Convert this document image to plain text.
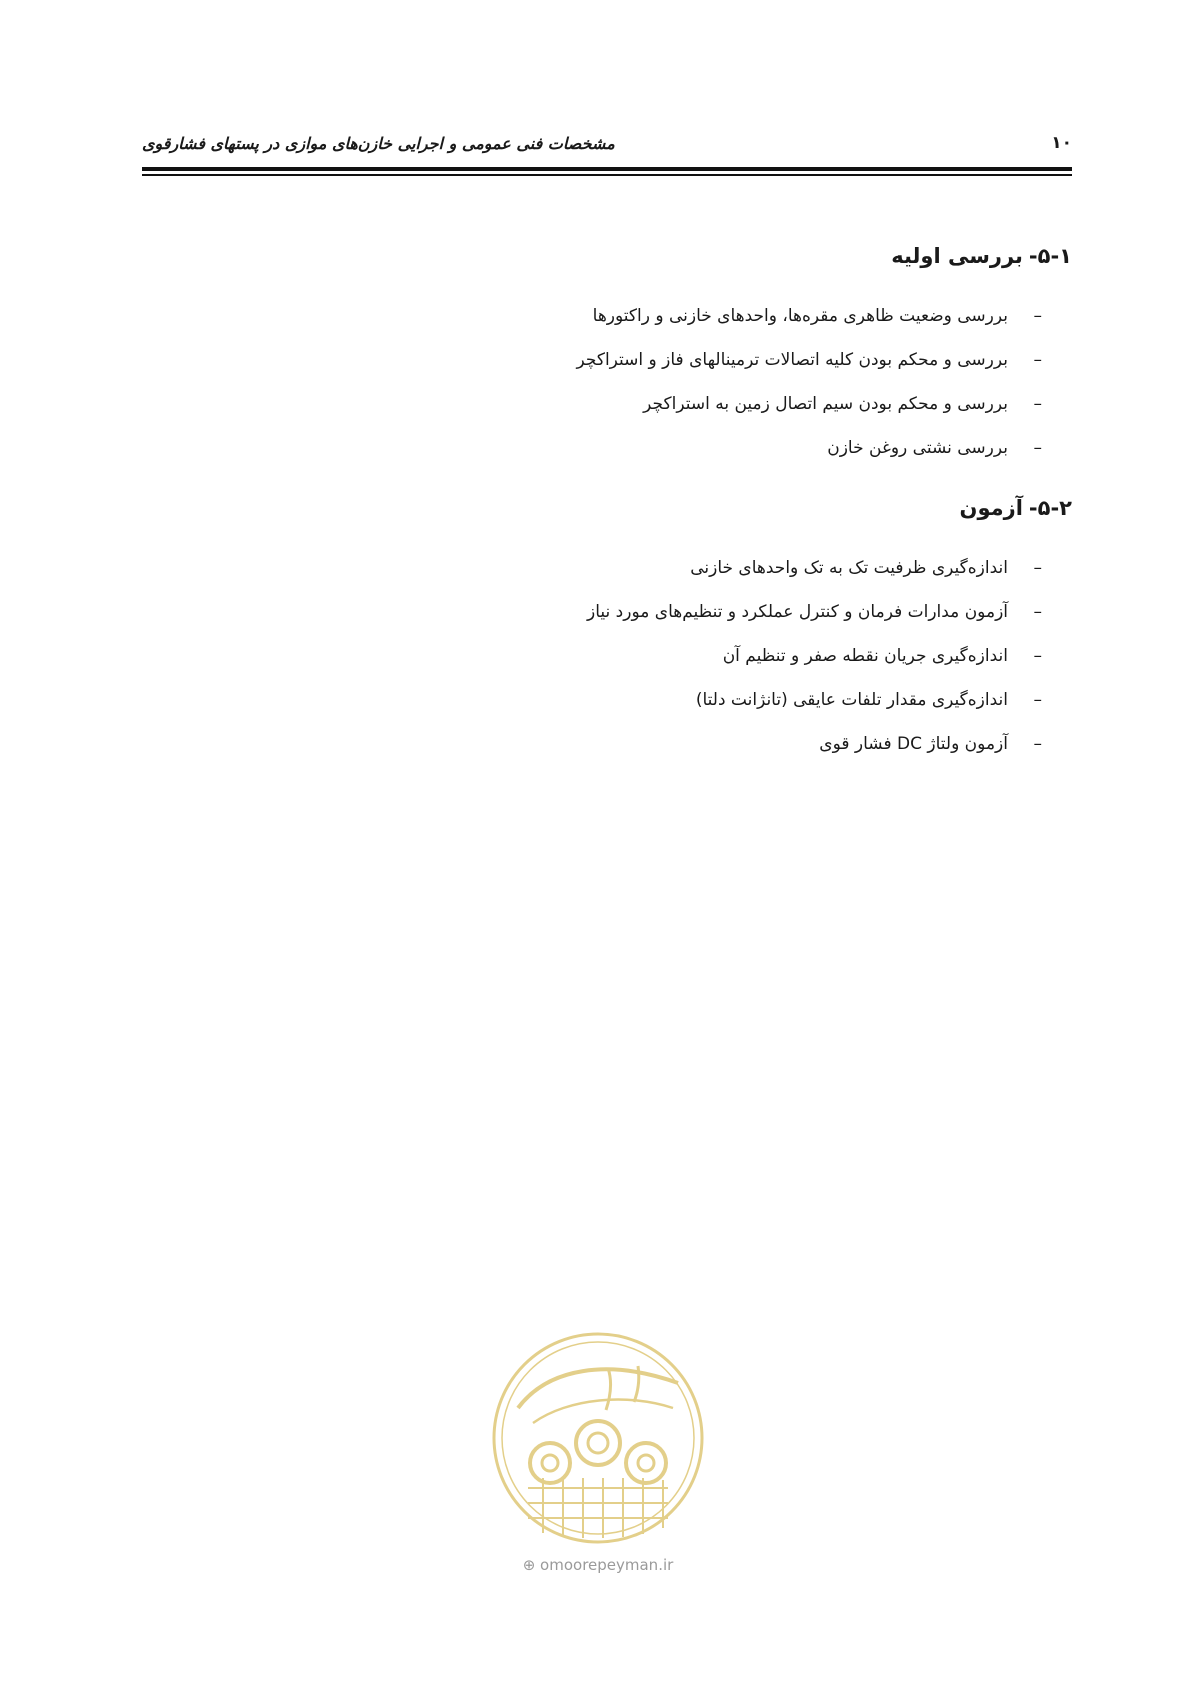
۱۰
مشخصات فنی عمومی و اجرایی خازن‌های موازی در پستهای فشارقوی
۵-۱-
بررسی اولیه
–
بررسی وضعیت ظاهری مقره‌ها، واحدهای خازنی و راکتورها
–
بررسی و محکم بودن کلیه اتصالات ترمینالهای فاز و استراکچر
–
بررسی و محکم بودن سیم اتصال زمین به استراکچر
–
بررسی نشتی روغن خازن
۵-۲-
آزمون
–
اندازه‌گیری ظرفیت تک به تک واحدهای خازنی
–
آزمون مدارات فرمان و کنترل عملکرد و تنظیم‌های مورد نیاز
–
اندازه‌گیری جریان نقطه صفر و تنظیم آن
–
اندازه‌گیری مقدار تلفات عایقی (تانژانت دلتا)
–
آزمون ولتاژ DC فشار قوی
⊕ omoorepeyman.ir
